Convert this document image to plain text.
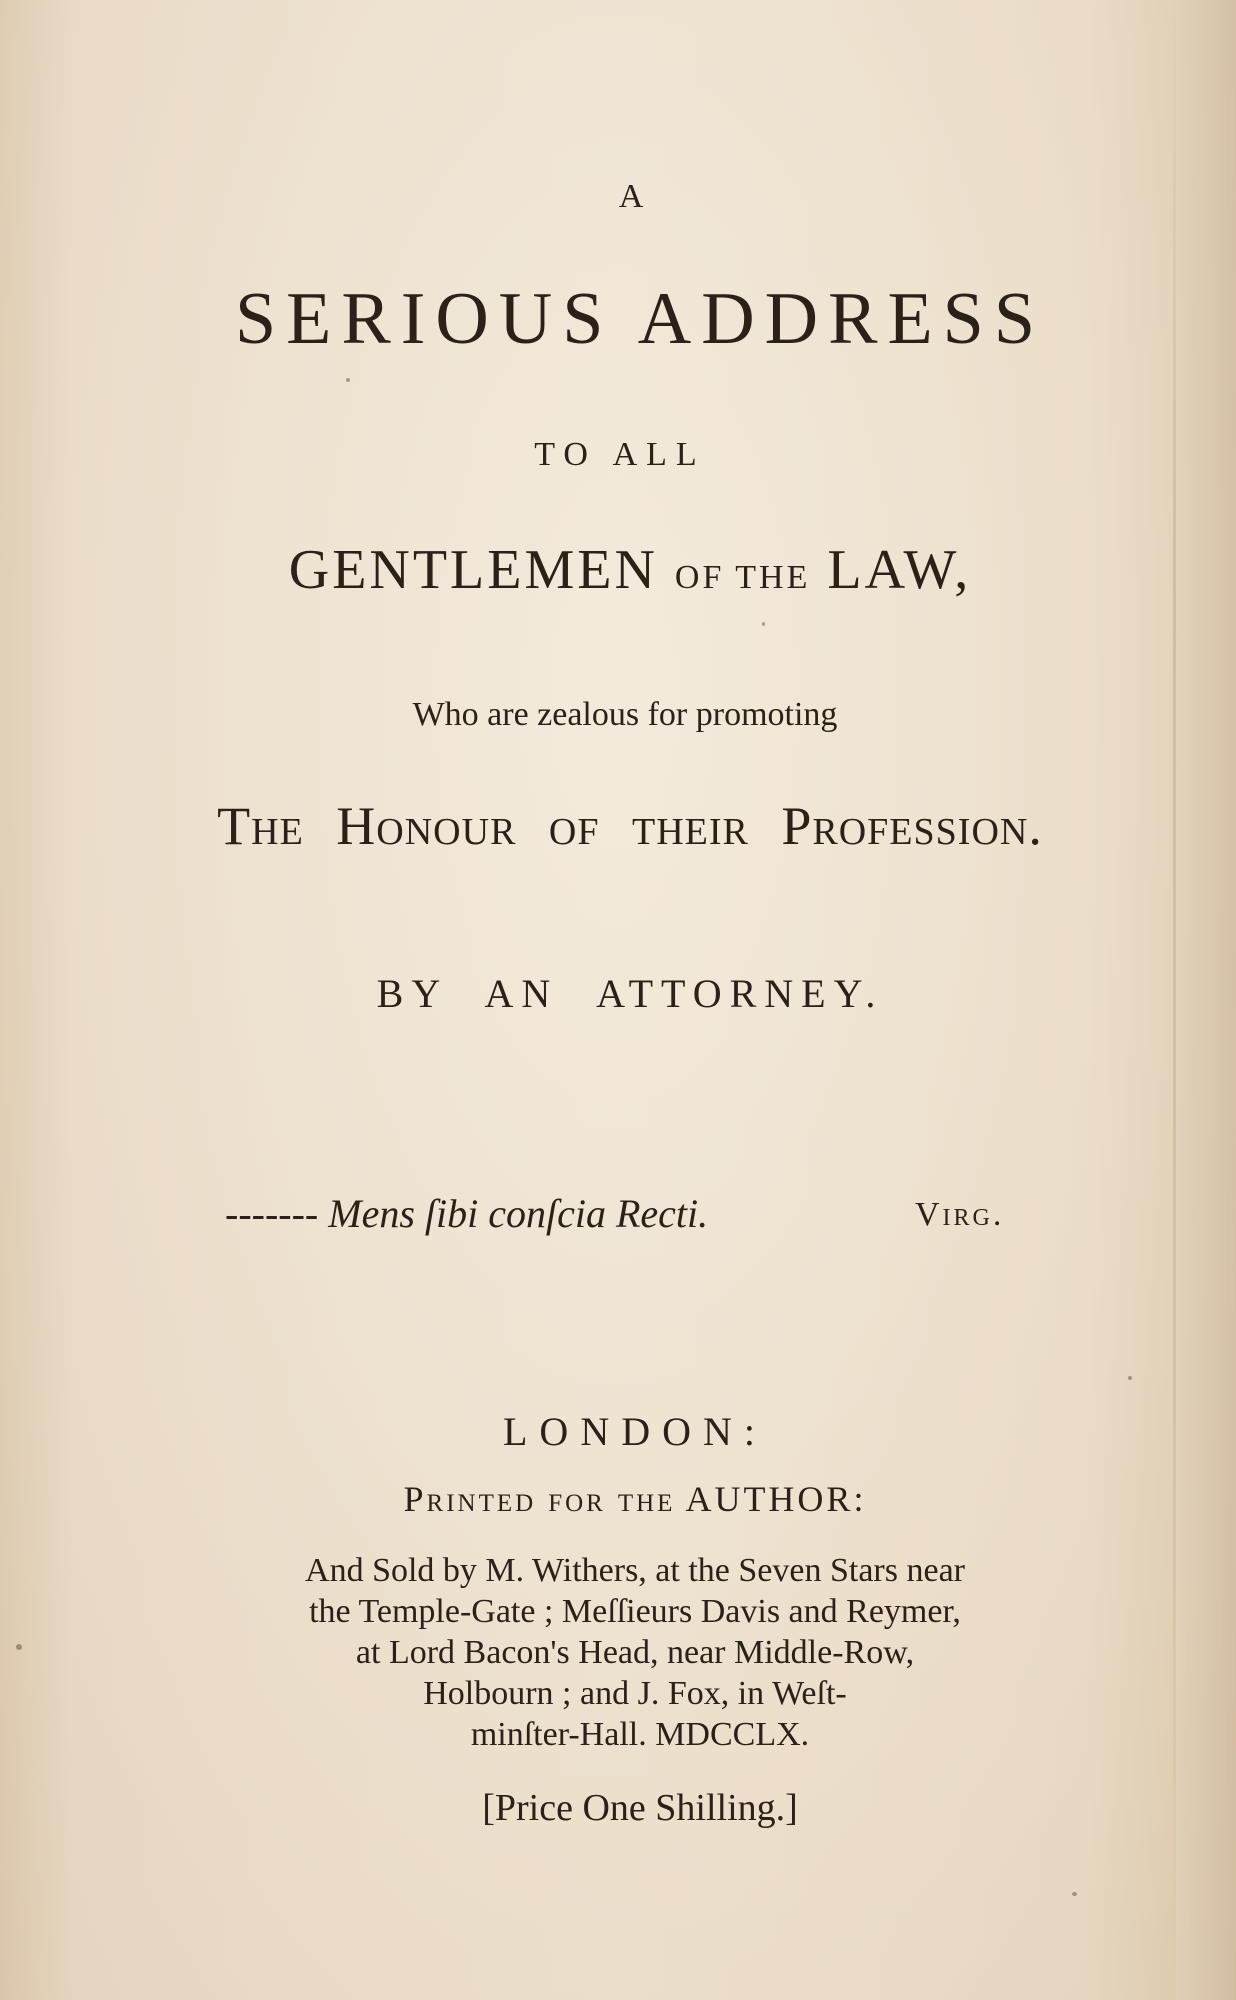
A
SERIOUS ADDRESS
TO ALL
GENTLEMEN OF THE LAW,
Who are zealous for promoting
The Honour of their Profession.
BY AN ATTORNEY.
------- Mens ſibi conſcia Recti.	Virg.
LONDON:
Printed for the AUTHOR:
And Sold by M. Withers, at the Seven Stars near
the Temple-Gate ; Meſſieurs Davis and Reymer,
at Lord Bacon's Head, near Middle-Row,
Holbourn ; and J. Fox, in Weſt-
minſter-Hall. MDCCLX.
[Price One Shilling.]
